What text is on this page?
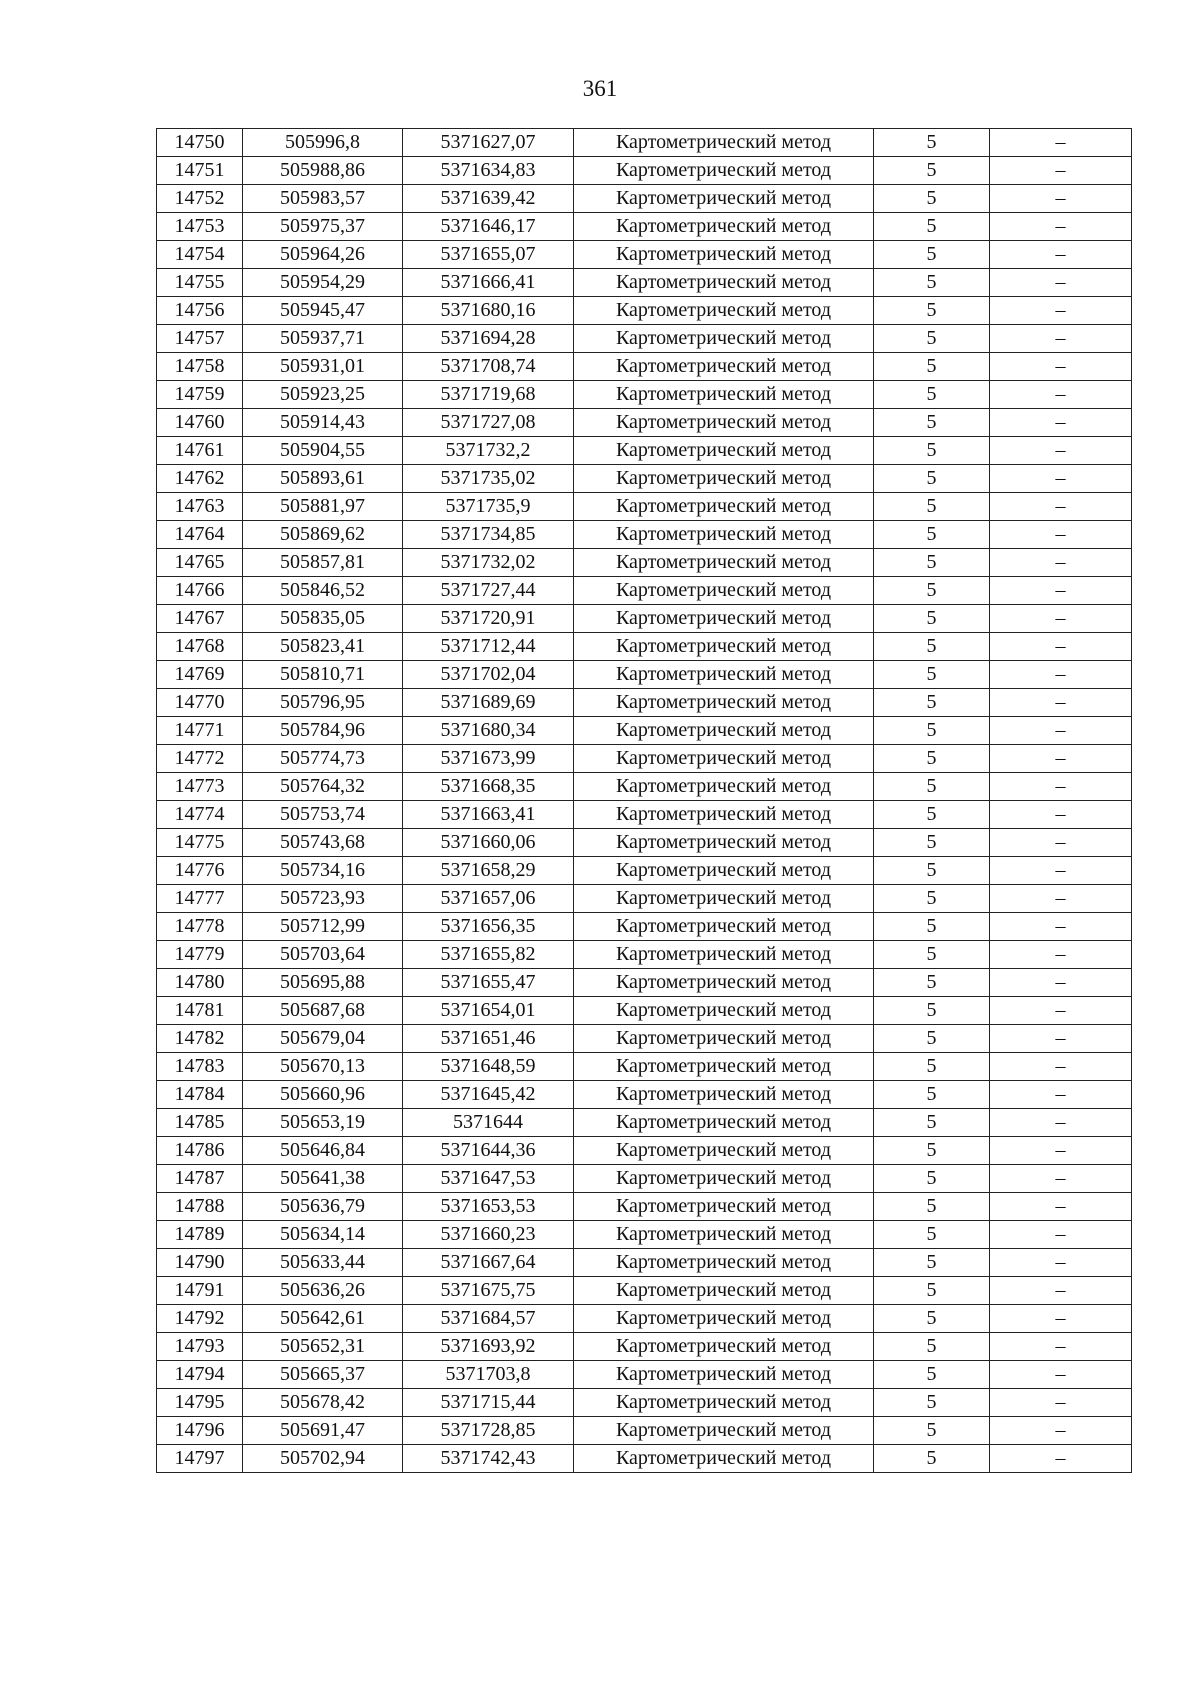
361
14750	505996,8	5371627,07	Картометрический метод	5	–
14751	505988,86	5371634,83	Картометрический метод	5	–
14752	505983,57	5371639,42	Картометрический метод	5	–
14753	505975,37	5371646,17	Картометрический метод	5	–
14754	505964,26	5371655,07	Картометрический метод	5	–
14755	505954,29	5371666,41	Картометрический метод	5	–
14756	505945,47	5371680,16	Картометрический метод	5	–
14757	505937,71	5371694,28	Картометрический метод	5	–
14758	505931,01	5371708,74	Картометрический метод	5	–
14759	505923,25	5371719,68	Картометрический метод	5	–
14760	505914,43	5371727,08	Картометрический метод	5	–
14761	505904,55	5371732,2	Картометрический метод	5	–
14762	505893,61	5371735,02	Картометрический метод	5	–
14763	505881,97	5371735,9	Картометрический метод	5	–
14764	505869,62	5371734,85	Картометрический метод	5	–
14765	505857,81	5371732,02	Картометрический метод	5	–
14766	505846,52	5371727,44	Картометрический метод	5	–
14767	505835,05	5371720,91	Картометрический метод	5	–
14768	505823,41	5371712,44	Картометрический метод	5	–
14769	505810,71	5371702,04	Картометрический метод	5	–
14770	505796,95	5371689,69	Картометрический метод	5	–
14771	505784,96	5371680,34	Картометрический метод	5	–
14772	505774,73	5371673,99	Картометрический метод	5	–
14773	505764,32	5371668,35	Картометрический метод	5	–
14774	505753,74	5371663,41	Картометрический метод	5	–
14775	505743,68	5371660,06	Картометрический метод	5	–
14776	505734,16	5371658,29	Картометрический метод	5	–
14777	505723,93	5371657,06	Картометрический метод	5	–
14778	505712,99	5371656,35	Картометрический метод	5	–
14779	505703,64	5371655,82	Картометрический метод	5	–
14780	505695,88	5371655,47	Картометрический метод	5	–
14781	505687,68	5371654,01	Картометрический метод	5	–
14782	505679,04	5371651,46	Картометрический метод	5	–
14783	505670,13	5371648,59	Картометрический метод	5	–
14784	505660,96	5371645,42	Картометрический метод	5	–
14785	505653,19	5371644	Картометрический метод	5	–
14786	505646,84	5371644,36	Картометрический метод	5	–
14787	505641,38	5371647,53	Картометрический метод	5	–
14788	505636,79	5371653,53	Картометрический метод	5	–
14789	505634,14	5371660,23	Картометрический метод	5	–
14790	505633,44	5371667,64	Картометрический метод	5	–
14791	505636,26	5371675,75	Картометрический метод	5	–
14792	505642,61	5371684,57	Картометрический метод	5	–
14793	505652,31	5371693,92	Картометрический метод	5	–
14794	505665,37	5371703,8	Картометрический метод	5	–
14795	505678,42	5371715,44	Картометрический метод	5	–
14796	505691,47	5371728,85	Картометрический метод	5	–
14797	505702,94	5371742,43	Картометрический метод	5	–
